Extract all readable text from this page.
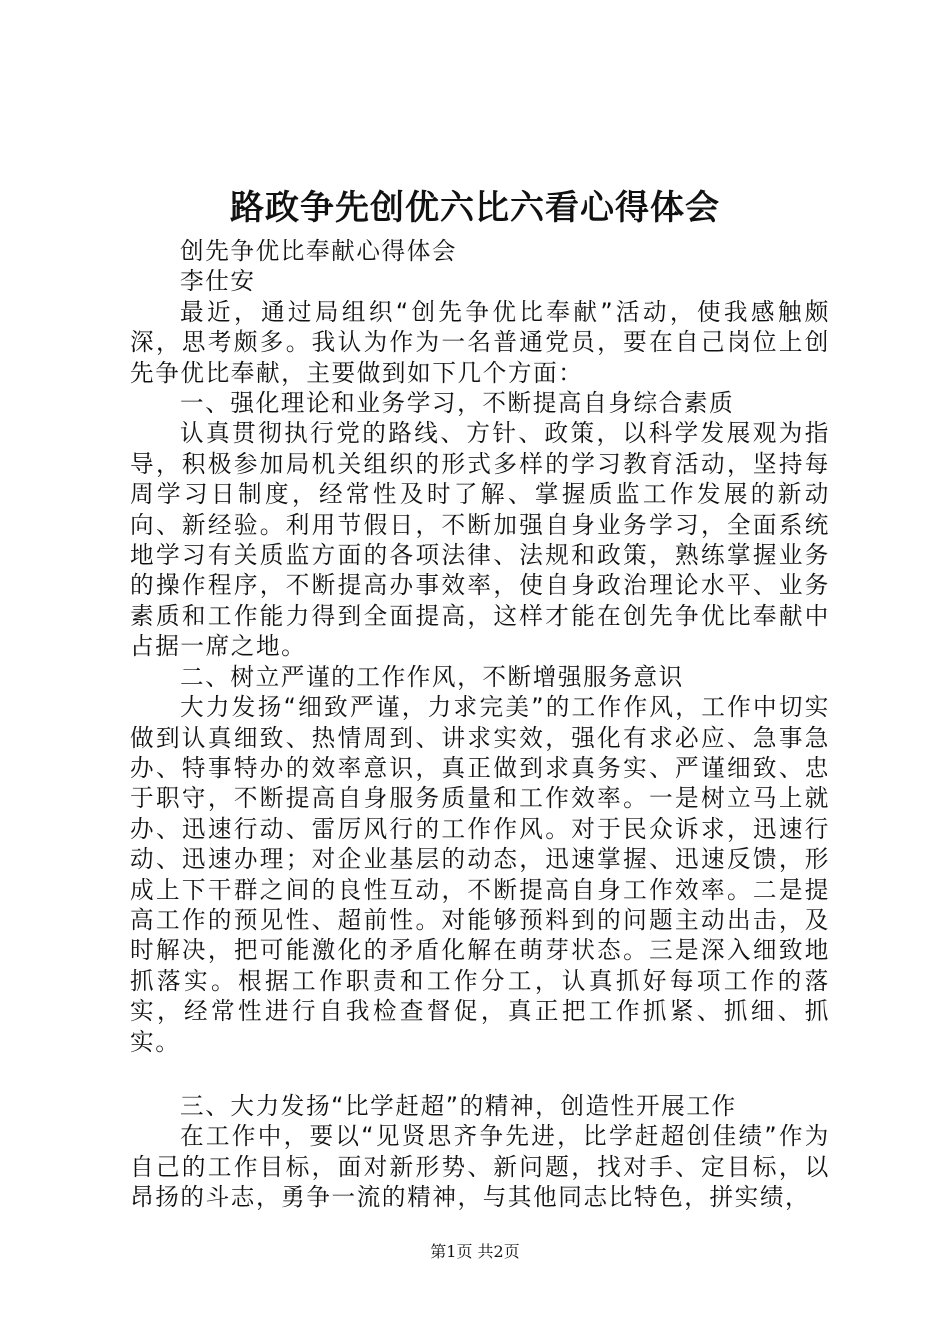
路政争先创优六比六看心得体会

创先争优比奉献心得体会

李仕安

最近，通过局组织“创先争优比奉献”活动，使我感触颇深，思考颇多。我认为作为一名普通党员，要在自己岗位上创先争优比奉献，主要做到如下几个方面：

一、强化理论和业务学习，不断提高自身综合素质

认真贯彻执行党的路线、方针、政策，以科学发展观为指导，积极参加局机关组织的形式多样的学习教育活动，坚持每周学习日制度，经常性及时了解、掌握质监工作发展的新动向、新经验。利用节假日，不断加强自身业务学习，全面系统地学习有关质监方面的各项法律、法规和政策，熟练掌握业务的操作程序，不断提高办事效率，使自身政治理论水平、业务素质和工作能力得到全面提高，这样才能在创先争优比奉献中占据一席之地。

二、树立严谨的工作作风，不断增强服务意识

大力发扬“细致严谨，力求完美”的工作作风，工作中切实做到认真细致、热情周到、讲求实效，强化有求必应、急事急办、特事特办的效率意识，真正做到求真务实、严谨细致、忠于职守，不断提高自身服务质量和工作效率。一是树立马上就办、迅速行动、雷厉风行的工作作风。对于民众诉求，迅速行动、迅速办理；对企业基层的动态，迅速掌握、迅速反馈，形成上下干群之间的良性互动，不断提高自身工作效率。二是提高工作的预见性、超前性。对能够预料到的问题主动出击，及时解决，把可能激化的矛盾化解在萌芽状态。三是深入细致地抓落实。根据工作职责和工作分工，认真抓好每项工作的落实，经常性进行自我检查督促，真正把工作抓紧、抓细、抓实。

三、大力发扬“比学赶超”的精神，创造性开展工作

在工作中，要以“见贤思齐争先进，比学赶超创佳绩”作为自己的工作目标，面对新形势、新问题，找对手、定目标，以昂扬的斗志，勇争一流的精神，与其他同志比特色，拼实绩，

第1页 共2页
